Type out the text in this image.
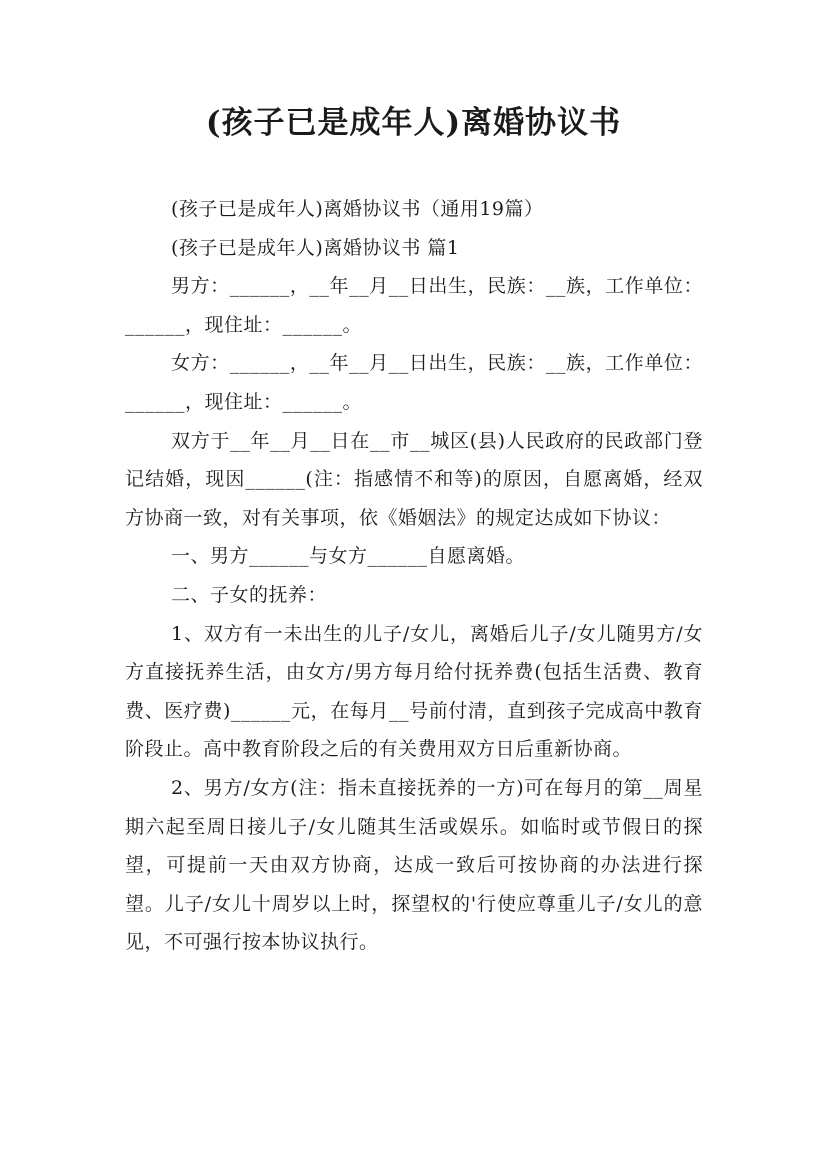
(孩子已是成年人)离婚协议书

(孩子已是成年人)离婚协议书（通用19篇）

(孩子已是成年人)离婚协议书 篇1

男方：______，__年__月__日出生，民族：__族，工作单位：______，现住址：______。

女方：______，__年__月__日出生，民族：__族，工作单位：______，现住址：______。

双方于__年__月__日在__市__城区(县)人民政府的民政部门登记结婚，现因______(注：指感情不和等)的原因，自愿离婚，经双方协商一致，对有关事项，依《婚姻法》的规定达成如下协议：

一、男方______与女方______自愿离婚。

二、子女的抚养：

1、双方有一未出生的儿子/女儿，离婚后儿子/女儿随男方/女方直接抚养生活，由女方/男方每月给付抚养费(包括生活费、教育费、医疗费)______元，在每月__号前付清，直到孩子完成高中教育阶段止。高中教育阶段之后的有关费用双方日后重新协商。

2、男方/女方(注：指未直接抚养的一方)可在每月的第__周星期六起至周日接儿子/女儿随其生活或娱乐。如临时或节假日的探望，可提前一天由双方协商，达成一致后可按协商的办法进行探望。儿子/女儿十周岁以上时，探望权的'行使应尊重儿子/女儿的意见，不可强行按本协议执行。
